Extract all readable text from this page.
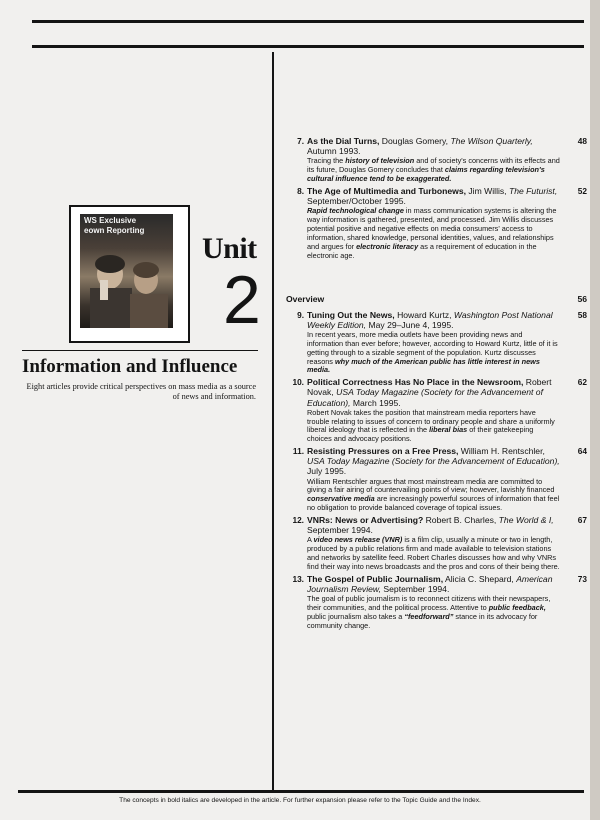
WS Exclusive
eown Reporting
Unit
2
Information and Influence
Eight articles provide critical perspectives on mass media as a source of news and information.
7.	48
As the Dial Turns, Douglas Gomery, The Wilson Quarterly, Autumn 1993.
Tracing the history of television and of society's concerns with its effects and its future, Douglas Gomery concludes that claims regarding television's cultural influence tend to be exaggerated.
8.	52
The Age of Multimedia and Turbonews, Jim Willis, The Futurist, September/October 1995.
Rapid technological change in mass communication systems is altering the way information is gathered, presented, and processed. Jim Willis discusses potential positive and negative effects on media consumers' access to information, shared knowledge, personal identities, values, and relationships and argues for electronic literacy as a requirement of education in the electronic age.
Overview	56
9.	58
Tuning Out the News, Howard Kurtz, Washington Post National Weekly Edition, May 29–June 4, 1995.
In recent years, more media outlets have been providing news and information than ever before; however, according to Howard Kurtz, little of it is getting through to a sizable segment of the population. Kurtz discusses reasons why much of the American public has little interest in news media.
10.	62
Political Correctness Has No Place in the Newsroom, Robert Novak, USA Today Magazine (Society for the Advancement of Education), March 1995.
Robert Novak takes the position that mainstream media reporters have trouble relating to issues of concern to ordinary people and share a uniformly liberal ideology that is reflected in the liberal bias of their gatekeeping choices and advocacy positions.
11.	64
Resisting Pressures on a Free Press, William H. Rentschler, USA Today Magazine (Society for the Advancement of Education), July 1995.
William Rentschler argues that most mainstream media are committed to giving a fair airing of countervailing points of view; however, lavishly financed conservative media are increasingly powerful sources of information that feel no obligation to provide balanced coverage of topical issues.
12.	67
VNRs: News or Advertising? Robert B. Charles, The World & I, September 1994.
A video news release (VNR) is a film clip, usually a minute or two in length, produced by a public relations firm and made available to television stations and networks by satellite feed. Robert Charles discusses how and why VNRs find their way into news broadcasts and the pros and cons of their being there.
13.	73
The Gospel of Public Journalism, Alicia C. Shepard, American Journalism Review, September 1994.
The goal of public journalism is to reconnect citizens with their newspapers, their communities, and the political process. Attentive to public feedback, public journalism also takes a “feedforward” stance in its advocacy for community change.
The concepts in bold italics are developed in the article. For further expansion please refer to the Topic Guide and the Index.
